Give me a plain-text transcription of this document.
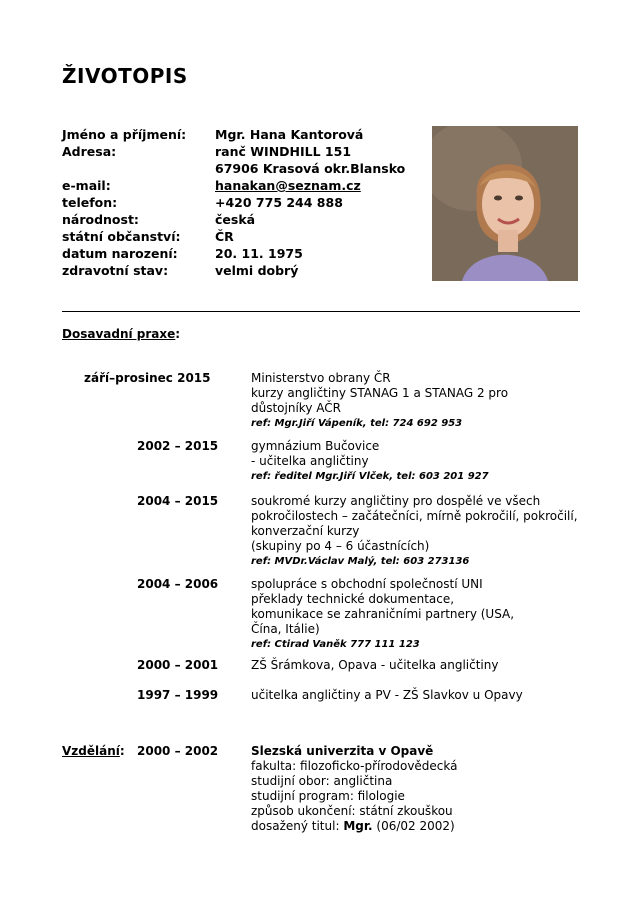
ŽIVOTOPIS
Jméno a příjmení:	Mgr. Hana Kantorová
Adresa:	ranč WINDHILL 151
67906 Krasová okr.Blansko
e-mail:	hanakan@seznam.cz
telefon:	+420 775 244 888
národnost:	česká
státní občanství:	ČR
datum narození:	20. 11. 1975
zdravotní stav:	velmi dobrý
Dosavadní praxe:
září–prosinec 2015	Ministerstvo obrany ČR
kurzy angličtiny STANAG 1 a STANAG 2 pro
důstojníky AČR
ref: Mgr.Jiří Vápeník, tel: 724 692 953
2002 – 2015	gymnázium Bučovice
- učitelka angličtiny
ref: ředitel Mgr.Jiří Vlček, tel: 603 201 927
2004 – 2015	soukromé kurzy angličtiny pro dospělé ve všech
pokročilostech – začátečníci, mírně pokročilí, pokročilí,
konverzační kurzy
(skupiny po 4 – 6 účastnících)
ref: MVDr.Václav Malý, tel: 603 273136
2004 – 2006	spolupráce s obchodní společností UNI
překlady technické dokumentace,
komunikace se zahraničními partnery (USA,
Čína, Itálie)
ref: Ctirad Vaněk 777 111 123
2000 – 2001	ZŠ Šrámkova, Opava - učitelka angličtiny
1997 – 1999	učitelka angličtiny a PV - ZŠ Slavkov u Opavy
Vzdělání: 2000 – 2002	Slezská univerzita v Opavě
fakulta: filozoficko-přírodovědecká
studijní obor: angličtina
studijní program: filologie
způsob ukončení: státní zkouškou
dosažený titul: Mgr. (06/02 2002)
